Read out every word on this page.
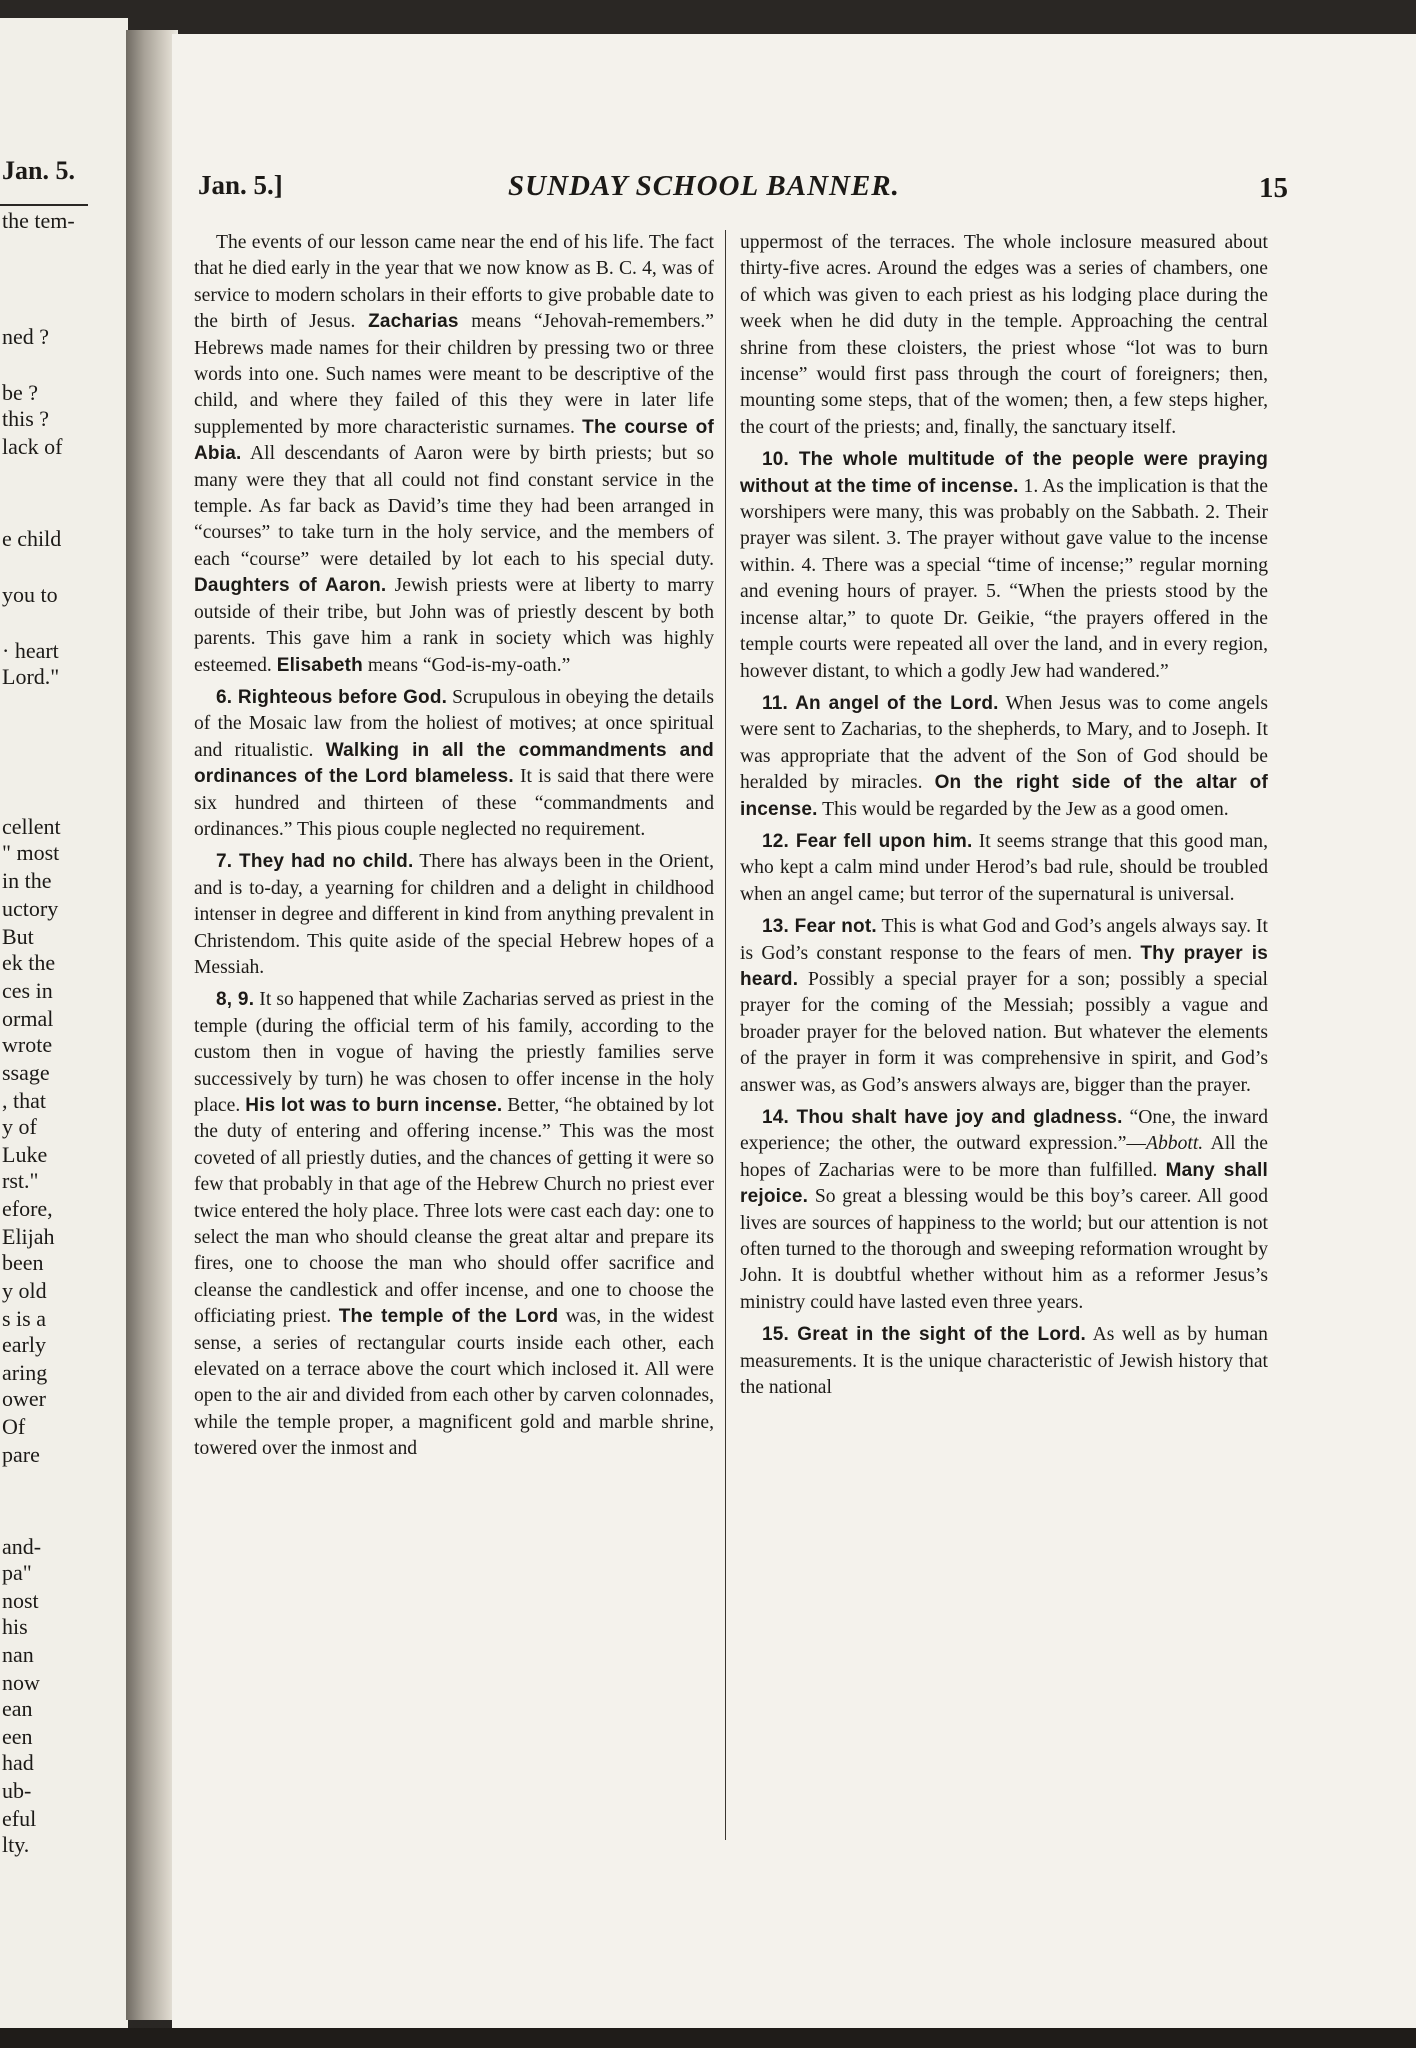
Jan. 5.
the tem-
ned ?
be ?
this ?
lack of
e child
you to
· heart
Lord."
cellent
" most
in the
uctory
But
ek the
ces in
ormal
wrote
ssage
, that
y of
Luke
rst."
efore,
Elijah
been
y old
s is a
early
aring
ower
Of
pare
and-
pa"
nost
his
nan
now
ean
een
had
ub-
eful
lty.
Jan. 5.]	SUNDAY SCHOOL BANNER.	15

The events of our lesson came near the end of his life. The fact that he died early in the year that we now know as B. C. 4, was of service to modern scholars in their efforts to give probable date to the birth of Jesus. Zacharias means “Jehovah-remembers.” Hebrews made names for their children by pressing two or three words into one. Such names were meant to be descriptive of the child, and where they failed of this they were in later life supplemented by more characteristic surnames. The course of Abia. All descendants of Aaron were by birth priests; but so many were they that all could not find constant service in the temple. As far back as David’s time they had been arranged in “courses” to take turn in the holy service, and the members of each “course” were detailed by lot each to his special duty. Daughters of Aaron. Jewish priests were at liberty to marry outside of their tribe, but John was of priestly descent by both parents. This gave him a rank in society which was highly esteemed. Elisabeth means “God-is-my-oath.”

6. Righteous before God. Scrupulous in obeying the details of the Mosaic law from the holiest of motives; at once spiritual and ritualistic. Walking in all the commandments and ordinances of the Lord blameless. It is said that there were six hundred and thirteen of these “commandments and ordinances.” This pious couple neglected no requirement.

7. They had no child. There has always been in the Orient, and is to-day, a yearning for children and a delight in childhood intenser in degree and different in kind from anything prevalent in Christendom. This quite aside of the special Hebrew hopes of a Messiah.

8, 9. It so happened that while Zacharias served as priest in the temple (during the official term of his family, according to the custom then in vogue of having the priestly families serve successively by turn) he was chosen to offer incense in the holy place. His lot was to burn incense. Better, “he obtained by lot the duty of entering and offering incense.” This was the most coveted of all priestly duties, and the chances of getting it were so few that probably in that age of the Hebrew Church no priest ever twice entered the holy place. Three lots were cast each day: one to select the man who should cleanse the great altar and prepare its fires, one to choose the man who should offer sacrifice and cleanse the candlestick and offer incense, and one to choose the officiating priest. The temple of the Lord was, in the widest sense, a series of rectangular courts inside each other, each elevated on a terrace above the court which inclosed it. All were open to the air and divided from each other by carven colonnades, while the temple proper, a magnificent gold and marble shrine, towered over the inmost and

uppermost of the terraces. The whole inclosure measured about thirty-five acres. Around the edges was a series of chambers, one of which was given to each priest as his lodging place during the week when he did duty in the temple. Approaching the central shrine from these cloisters, the priest whose “lot was to burn incense” would first pass through the court of foreigners; then, mounting some steps, that of the women; then, a few steps higher, the court of the priests; and, finally, the sanctuary itself.

10. The whole multitude of the people were praying without at the time of incense. 1. As the implication is that the worshipers were many, this was probably on the Sabbath. 2. Their prayer was silent. 3. The prayer without gave value to the incense within. 4. There was a special “time of incense;” regular morning and evening hours of prayer. 5. “When the priests stood by the incense altar,” to quote Dr. Geikie, “the prayers offered in the temple courts were repeated all over the land, and in every region, however distant, to which a godly Jew had wandered.”

11. An angel of the Lord. When Jesus was to come angels were sent to Zacharias, to the shepherds, to Mary, and to Joseph. It was appropriate that the advent of the Son of God should be heralded by miracles. On the right side of the altar of incense. This would be regarded by the Jew as a good omen.

12. Fear fell upon him. It seems strange that this good man, who kept a calm mind under Herod’s bad rule, should be troubled when an angel came; but terror of the supernatural is universal.

13. Fear not. This is what God and God’s angels always say. It is God’s constant response to the fears of men. Thy prayer is heard. Possibly a special prayer for a son; possibly a special prayer for the coming of the Messiah; possibly a vague and broader prayer for the beloved nation. But whatever the elements of the prayer in form it was comprehensive in spirit, and God’s answer was, as God’s answers always are, bigger than the prayer.

14. Thou shalt have joy and gladness. “One, the inward experience; the other, the outward expression.”—Abbott. All the hopes of Zacharias were to be more than fulfilled. Many shall rejoice. So great a blessing would be this boy’s career. All good lives are sources of happiness to the world; but our attention is not often turned to the thorough and sweeping reformation wrought by John. It is doubtful whether without him as a reformer Jesus’s ministry could have lasted even three years.

15. Great in the sight of the Lord. As well as by human measurements. It is the unique characteristic of Jewish history that the national
